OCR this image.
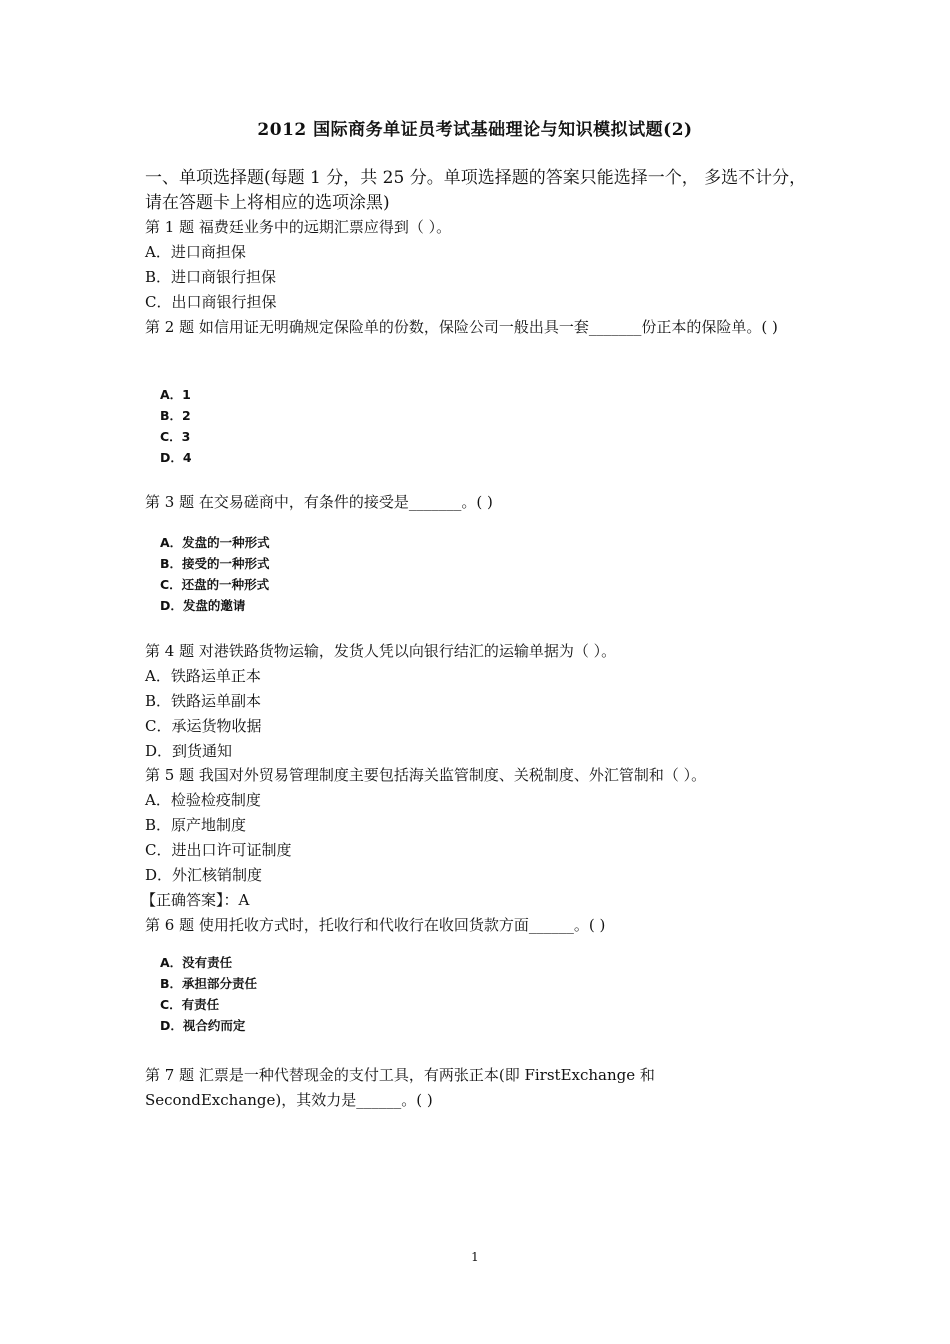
2012 国际商务单证员考试基础理论与知识模拟试题(2)
一、单项选择题(每题 1 分，共 25 分。单项选择题的答案只能选择一个， 多选不计分，请在答题卡上将相应的选项涂黑)
第 1 题 福费廷业务中的远期汇票应得到（ ）。
A．进口商担保
B．进口商银行担保
C．出口商银行担保
第 2 题 如信用证无明确规定保险单的份数，保险公司一般出具一套_______份正本的保险单。( )
A．1
B．2
C．3
D．4
第 3 题 在交易磋商中，有条件的接受是_______。( )
A．发盘的一种形式
B．接受的一种形式
C．还盘的一种形式
D．发盘的邀请
第 4 题 对港铁路货物运输，发货人凭以向银行结汇的运输单据为（ ）。
A．铁路运单正本
B．铁路运单副本
C．承运货物收据
D．到货通知
第 5 题 我国对外贸易管理制度主要包括海关监管制度、关税制度、外汇管制和（ ）。
A．检验检疫制度
B．原产地制度
C．进出口许可证制度
D．外汇核销制度
【正确答案】：A
第 6 题 使用托收方式时，托收行和代收行在收回货款方面______。( )
A．没有责任
B．承担部分责任
C．有责任
D．视合约而定
第 7 题 汇票是一种代替现金的支付工具，有两张正本(即 FirstExchange 和 SecondExchange)，其效力是______。( )
1
